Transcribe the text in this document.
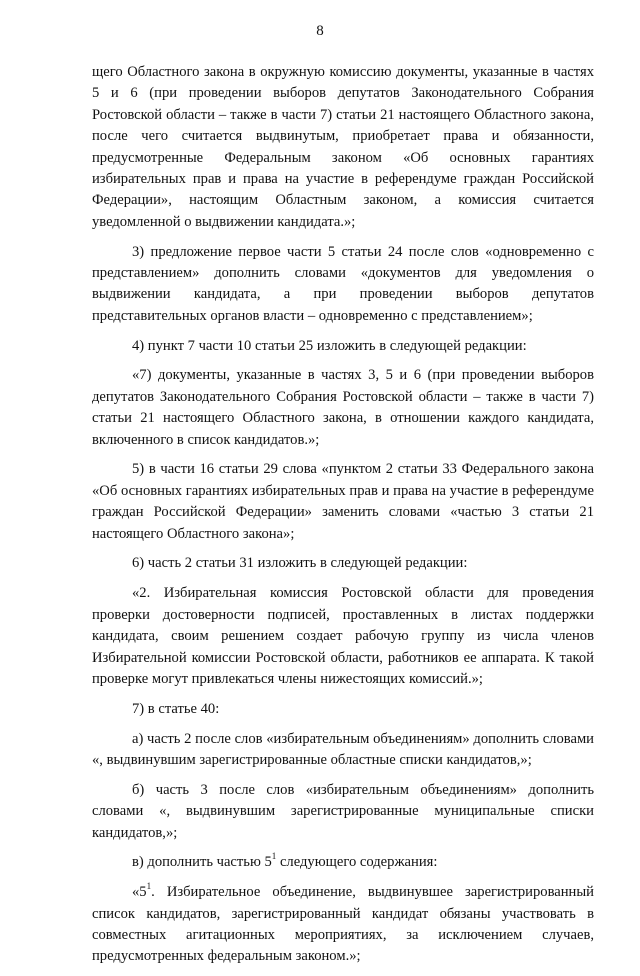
8

щего Областного закона в окружную комиссию документы, указанные в частях 5 и 6 (при проведении выборов депутатов Законодательного Собрания Ростовской области – также в части 7) статьи 21 настоящего Областного закона, после чего считается выдвинутым, приобретает права и обязанности, предусмотренные Федеральным законом «Об основных гарантиях избирательных прав и права на участие в референдуме граждан Российской Федерации», настоящим Областным законом, а комиссия считается уведомленной о выдвижении кандидата.»;

3) предложение первое части 5 статьи 24 после слов «одновременно с представлением» дополнить словами «документов для уведомления о выдвижении кандидата, а при проведении выборов депутатов представительных органов власти – одновременно с представлением»;

4) пункт 7 части 10 статьи 25 изложить в следующей редакции:

«7) документы, указанные в частях 3, 5 и 6 (при проведении выборов депутатов Законодательного Собрания Ростовской области – также в части 7) статьи 21 настоящего Областного закона, в отношении каждого кандидата, включенного в список кандидатов.»;

5) в части 16 статьи 29 слова «пунктом 2 статьи 33 Федерального закона «Об основных гарантиях избирательных прав и права на участие в референдуме граждан Российской Федерации» заменить словами «частью 3 статьи 21 настоящего Областного закона»;

6) часть 2 статьи 31 изложить в следующей редакции:

«2. Избирательная комиссия Ростовской области для проведения проверки достоверности подписей, проставленных в листах поддержки кандидата, своим решением создает рабочую группу из числа членов Избирательной комиссии Ростовской области, работников ее аппарата. К такой проверке могут привлекаться члены нижестоящих комиссий.»;

7) в статье 40:

а) часть 2 после слов «избирательным объединениям» дополнить словами «, выдвинувшим зарегистрированные областные списки кандидатов,»;

б) часть 3 после слов «избирательным объединениям» дополнить словами «, выдвинувшим зарегистрированные муниципальные списки кандидатов,»;

в) дополнить частью $5^1$ следующего содержания:

«$5^1$. Избирательное объединение, выдвинувшее зарегистрированный список кандидатов, зарегистрированный кандидат обязаны участвовать в совместных агитационных мероприятиях, за исключением случаев, предусмотренных федеральным законом.»;
